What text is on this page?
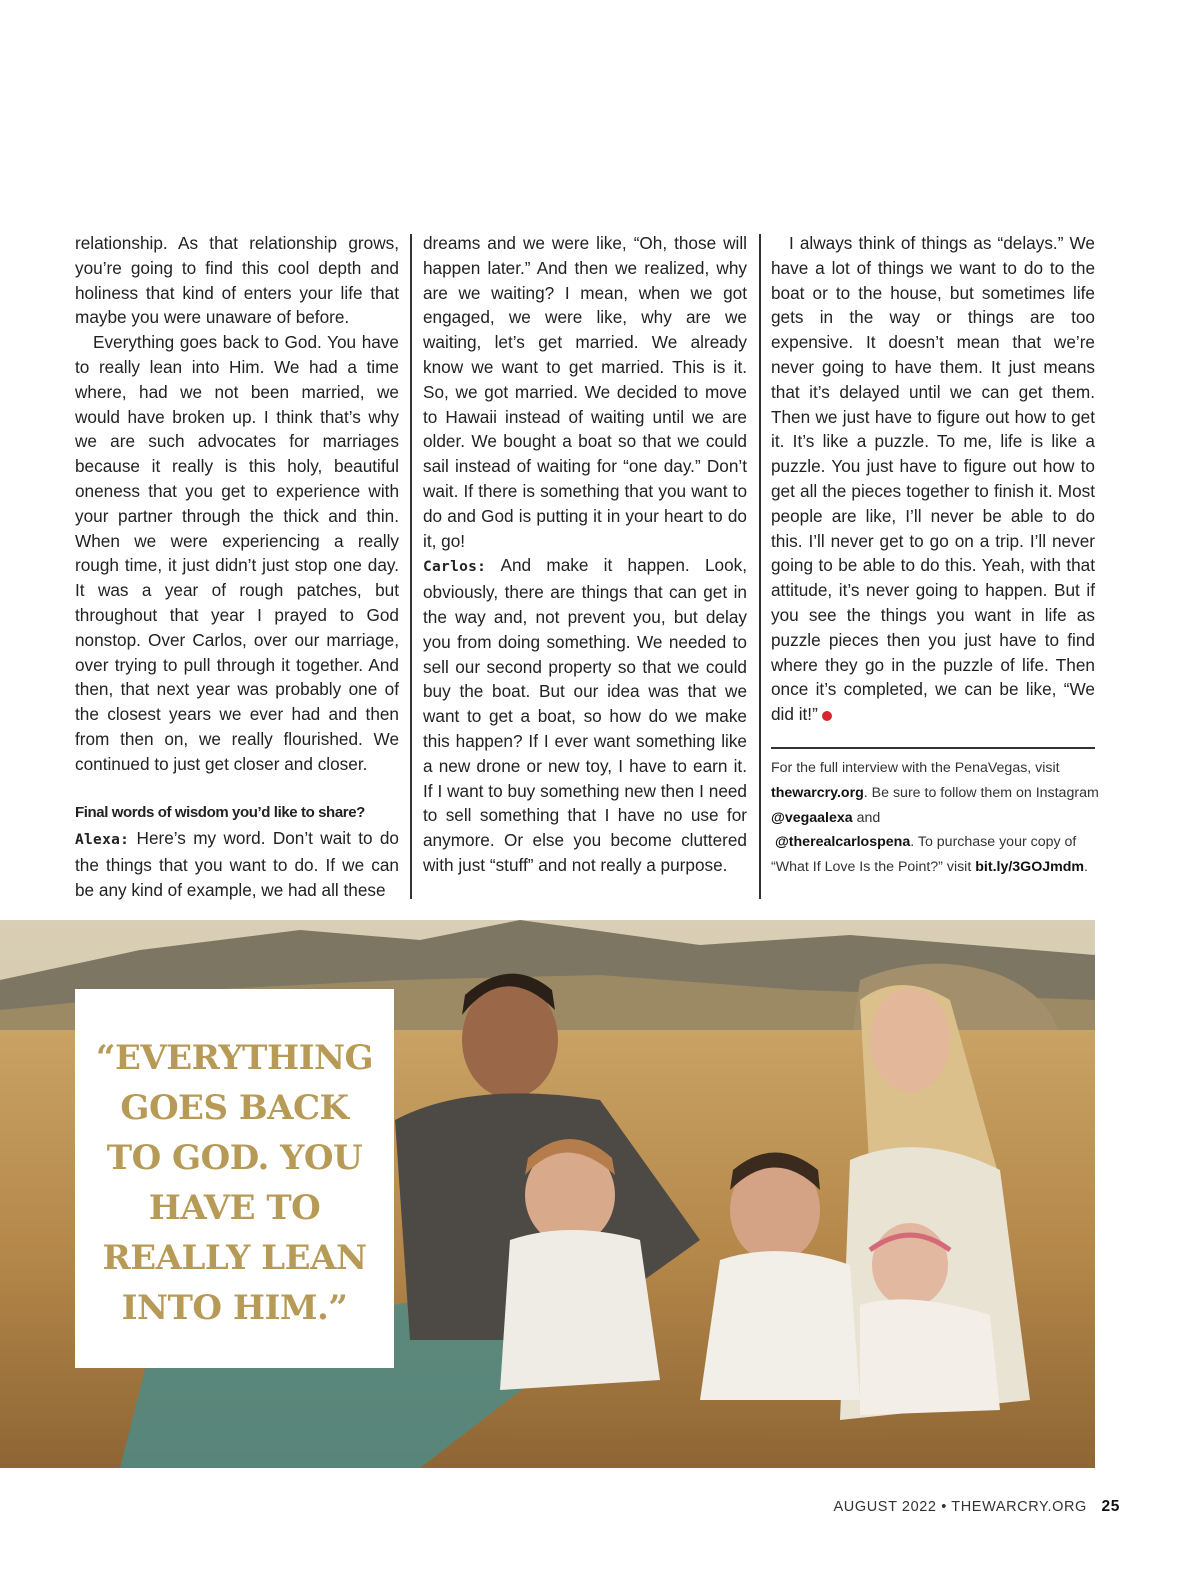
relationship. As that relationship grows, you’re going to find this cool depth and holiness that kind of enters your life that maybe you were unaware of before.

Everything goes back to God. You have to really lean into Him. We had a time where, had we not been married, we would have broken up. I think that’s why we are such advocates for marriages because it really is this holy, beautiful oneness that you get to experience with your partner through the thick and thin. When we were experiencing a really rough time, it just didn’t just stop one day. It was a year of rough patches, but throughout that year I prayed to God nonstop. Over Carlos, over our marriage, over trying to pull through it together. And then, that next year was probably one of the closest years we ever had and then from then on, we really flourished. We continued to just get closer and closer.

Final words of wisdom you’d like to share?

Alexa: Here’s my word. Don’t wait to do the things that you want to do. If we can be any kind of example, we had all these

dreams and we were like, “Oh, those will happen later.” And then we realized, why are we waiting? I mean, when we got engaged, we were like, why are we waiting, let’s get married. We already know we want to get married. This is it. So, we got married. We decided to move to Hawaii instead of waiting until we are older. We bought a boat so that we could sail instead of waiting for “one day.” Don’t wait. If there is something that you want to do and God is putting it in your heart to do it, go!

Carlos: And make it happen. Look, obviously, there are things that can get in the way and, not prevent you, but delay you from doing something. We needed to sell our second property so that we could buy the boat. But our idea was that we want to get a boat, so how do we make this happen? If I ever want something like a new drone or new toy, I have to earn it. If I want to buy something new then I need to sell something that I have no use for anymore. Or else you become cluttered with just “stuff” and not really a purpose.

I always think of things as “delays.” We have a lot of things we want to do to the boat or to the house, but sometimes life gets in the way or things are too expensive. It doesn’t mean that we’re never going to have them. It just means that it’s delayed until we can get them. Then we just have to figure out how to get it. It’s like a puzzle. To me, life is like a puzzle. You just have to figure out how to get all the pieces together to finish it. Most people are like, I’ll never be able to do this. I’ll never get to go on a trip. I’ll never going to be able to do this. Yeah, with that attitude, it’s never going to happen. But if you see the things you want in life as puzzle pieces then you just have to find where they go in the puzzle of life. Then once it’s completed, we can be like, “We did it!”

For the full interview with the PenaVegas, visit thewarcry.org. Be sure to follow them on Instagram @vegaalexa and
@therealcarlospena. To purchase your copy of “What If Love Is the Point?” visit bit.ly/3GOJmdm.

“EVERYTHING
GOES BACK
TO GOD. YOU
HAVE TO
REALLY LEAN
INTO HIM.”
AUGUST 2022 • THEWARCRY.ORG 25
